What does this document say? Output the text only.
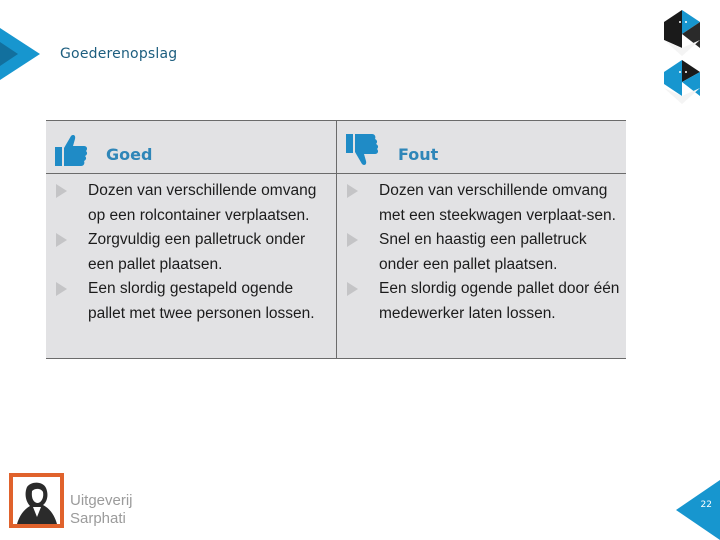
Goederenopslag
Goed
Dozen van verschillende omvang op een rolcontainer verplaatsen.
Zorgvuldig een palletruck onder een pallet plaatsen.
Een slordig gestapeld ogende pallet met twee personen lossen.
Fout
Dozen van verschillende omvang met een steekwagen verplaat-sen.
Snel en haastig een palletruck onder een pallet plaatsen.
Een slordig ogende pallet door één medewerker laten lossen.
Uitgeverij
Sarphati
22
